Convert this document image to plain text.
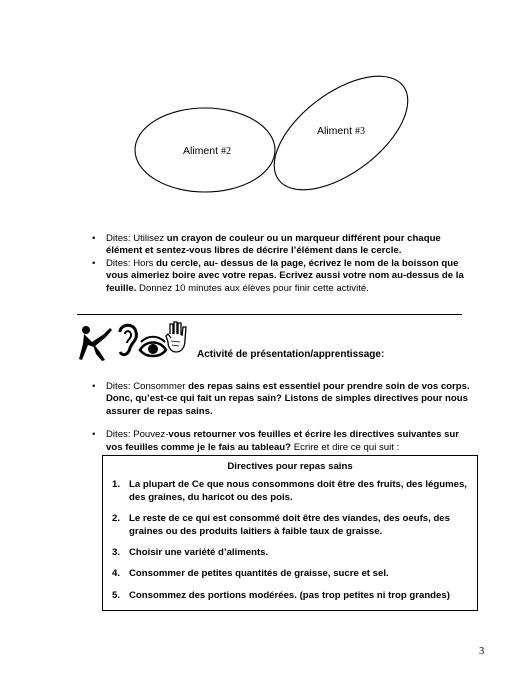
Aliment #2
Aliment #3
• Dites: Utilisez un crayon de couleur ou un marqueur différent pour chaque élément et sentez-vous libres de décrire l’élément dans le cercle.
• Dites: Hors du cercle, au- dessus de la page, écrivez le nom de la boisson que vous aimeriez boire avec votre repas. Ecrivez aussi votre nom au-dessus de la feuille. Donnez 10 minutes aux élèves pour finir cette activité.
Activité de présentation/apprentissage:
• Dites: Consommer des repas sains est essentiel pour prendre soin de vos corps. Donc, qu’est-ce qui fait un repas sain? Listons de simples directives pour nous assurer de repas sains.
• Dites: Pouvez-vous retourner vos feuilles et écrire les directives suivantes sur vos feuilles comme je le fais au tableau? Ecrire et dire ce qui suit :
Directives pour repas sains
1. La plupart de Ce que nous consommons doit être des fruits, des légumes, des graines, du haricot ou des pois.
2. Le reste de ce qui est consommé doit être des viandes, des oeufs, des graines ou des produits laitiers à faible taux de graisse.
3. Choisir une variété d’aliments.
4. Consommer de petites quantités de graisse, sucre et sel.
5. Consommez des portions modérées. (pas trop petites ni trop grandes)
3
